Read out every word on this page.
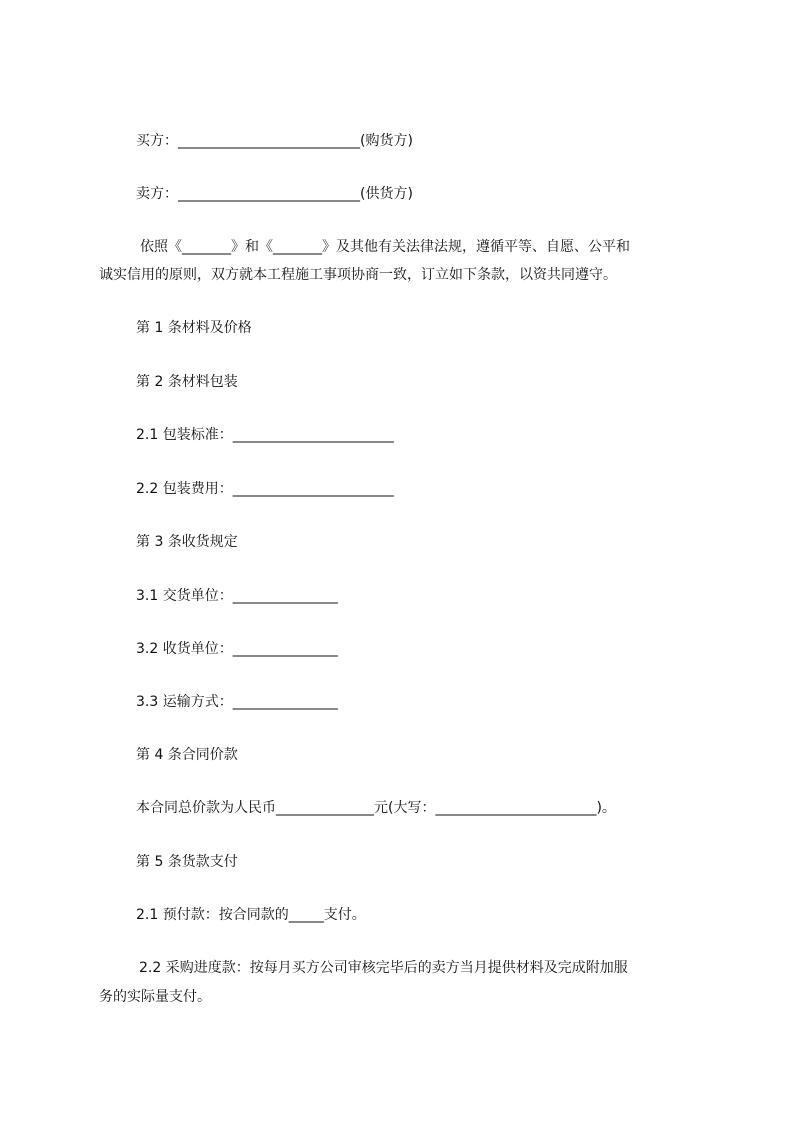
买方：__________________________(购货方)
卖方：__________________________(供货方)
依照《_______》和《_______》及其他有关法律法规，遵循平等、自愿、公平和
诚实信用的原则，双方就本工程施工事项协商一致，订立如下条款，以资共同遵守。
第 1 条材料及价格
第 2 条材料包装
2.1 包装标准：_______________________
2.2 包装费用：_______________________
第 3 条收货规定
3.1 交货单位：_______________
3.2 收货单位：_______________
3.3 运输方式：_______________
第 4 条合同价款
本合同总价款为人民币______________元(大写：_______________________)。
第 5 条货款支付
2.1 预付款：按合同款的_____支付。
2.2 采购进度款：按每月买方公司审核完毕后的卖方当月提供材料及完成附加服
务的实际量支付。
